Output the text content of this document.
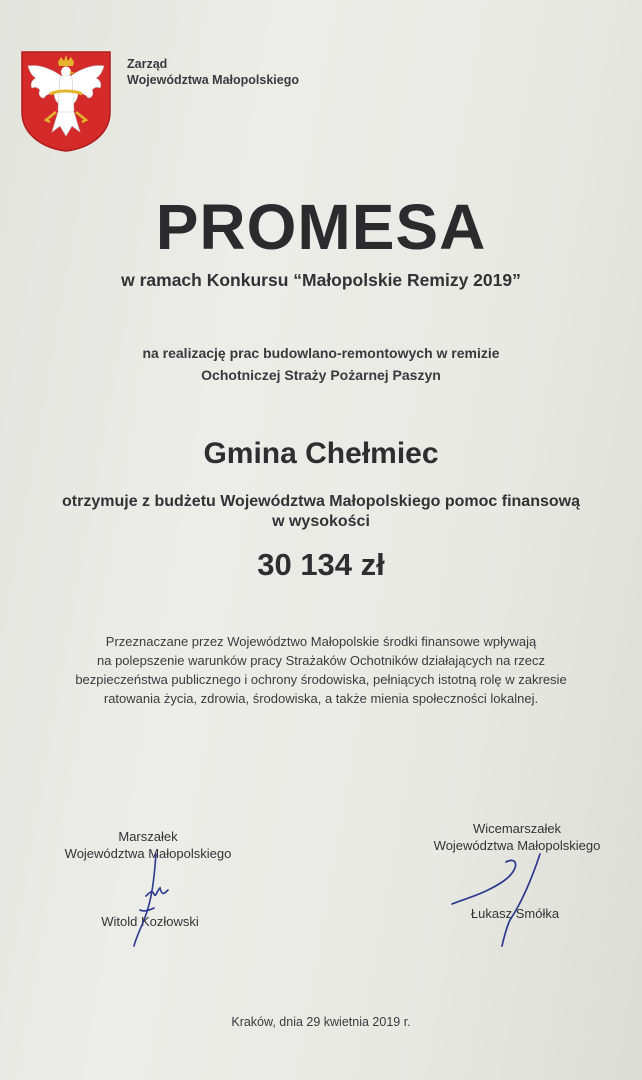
Zarząd
Województwa Małopolskiego
PROMESA
w ramach Konkursu “Małopolskie Remizy 2019”
na realizację prac budowlano-remontowych w remizie
Ochotniczej Straży Pożarnej Paszyn
Gmina Chełmiec
otrzymuje z budżetu Województwa Małopolskiego pomoc finansową
w wysokości
30 134 zł
Przeznaczane przez Województwo Małopolskie środki finansowe wpływają
na polepszenie warunków pracy Strażaków Ochotników działających na rzecz
bezpieczeństwa publicznego i ochrony środowiska, pełniących istotną rolę w zakresie
ratowania życia, zdrowia, środowiska, a także mienia społeczności lokalnej.
Marszałek
Województwa Małopolskiego
Witold Kozłowski
Wicemarszałek
Województwa Małopolskiego
Łukasz Smółka
Kraków, dnia 29 kwietnia 2019 r.
